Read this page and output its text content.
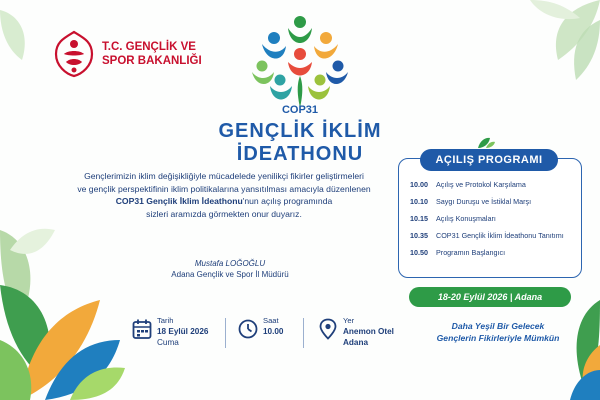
T.C. GENÇLİK VE
SPOR BAKANLIĞI
COP31
GENÇLİK İKLİM
İDEATHONU
Gençlerimizin iklim değişikliğiyle mücadelede yenilikçi fikirler geliştirmeleri
ve gençlik perspektifinin iklim politikalarına yansıtılması amacıyla düzenlenen
COP31 Gençlik İklim İdeathonu'nun açılış programında
sizleri aramızda görmekten onur duyarız.
Mustafa LOĞOĞLU
Adana Gençlik ve Spor İl Müdürü
AÇILIŞ PROGRAMI
10.00	Açılış ve Protokol Karşılama
10.10	Saygı Duruşu ve İstiklal Marşı
10.15	Açılış Konuşmaları
10.35	COP31 Gençlik İklim İdeathonu Tanıtımı
10.50	Programın Başlangıcı
18-20 Eylül 2026 | Adana
Daha Yeşil Bir Gelecek
Gençlerin Fikirleriyle Mümkün
Tarih
18 Eylül 2026
Cuma
Saat
10.00
Yer
Anemon Otel
Adana
